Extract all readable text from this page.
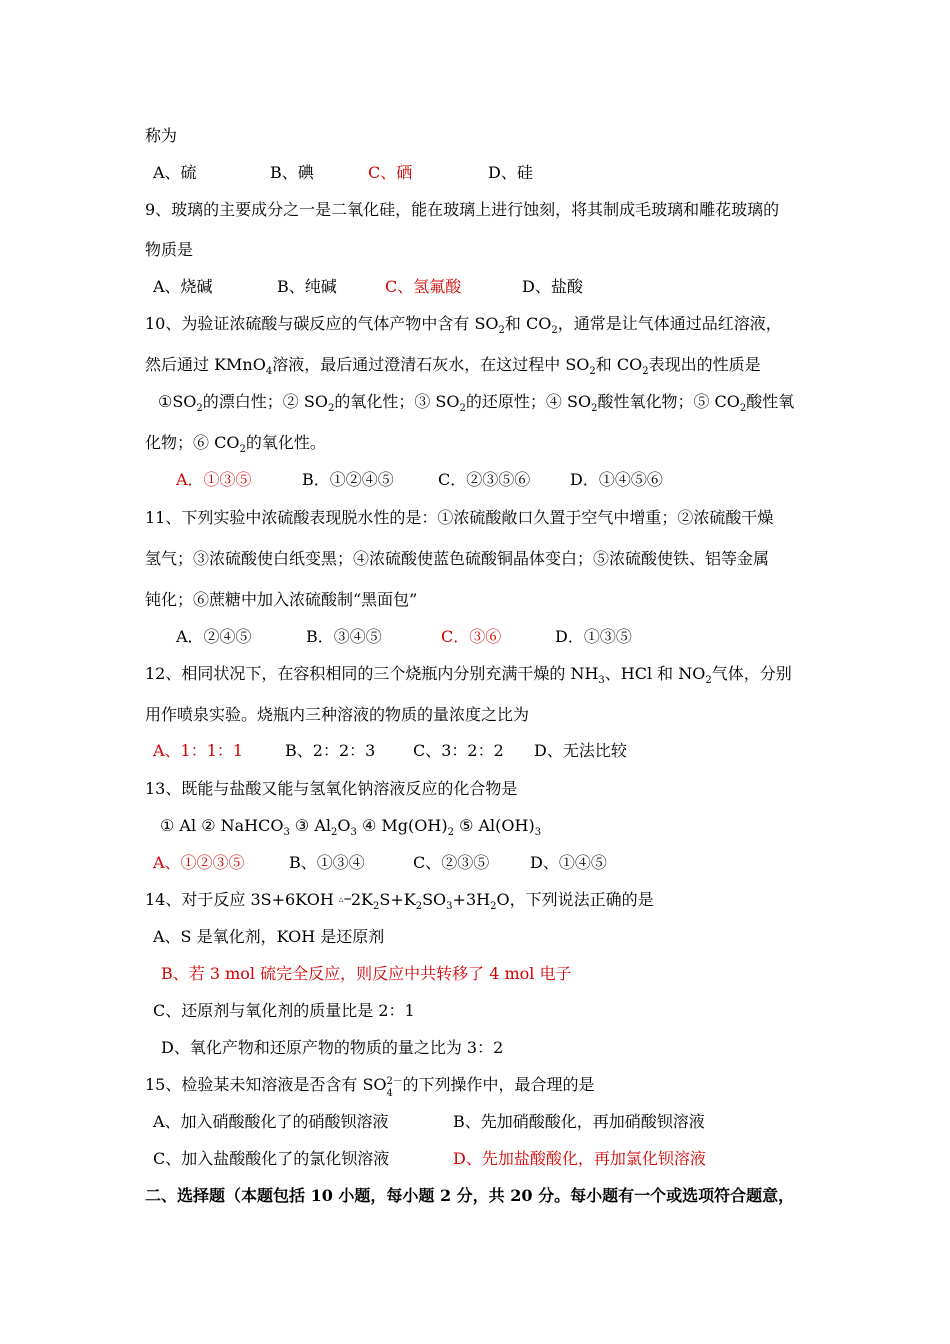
称为
A、硫	B、碘	C、硒	D、硅
9、玻璃的主要成分之一是二氧化硅，能在玻璃上进行蚀刻，将其制成毛玻璃和雕花玻璃的
物质是
A、烧碱	B、纯碱	C、氢氟酸	D、盐酸
10、为验证浓硫酸与碳反应的气体产物中含有 $SO_2$和 $CO_2$，通常是让气体通过品红溶液，
然后通过 KMnO$_4$溶液，最后通过澄清石灰水，在这过程中 $SO_2$和 $CO_2$表现出的性质是
$①SO_2$的漂白性；② $SO_2$的氧化性；③ $SO_2$的还原性；④ $SO_2$酸性氧化物；⑤ $CO_2$酸性氧
化物；⑥ $CO_2$的氧化性。
A．①③⑤	B．①②④⑤	C．②③⑤⑥ D．①④⑤⑥
11、下列实验中浓硫酸表现脱水性的是：①浓硫酸敞口久置于空气中增重；②浓硫酸干燥
氢气；③浓硫酸使白纸变黑；④浓硫酸使蓝色硫酸铜晶体变白；⑤浓硫酸使铁、铝等金属
钝化；⑥蔗糖中加入浓硫酸制“黑面包”
A．②④⑤	B．③④⑤	C．③⑥	D．①③⑤
12、相同状况下，在容积相同的三个烧瓶内分别充满干燥的 $NH_3$、HCl 和 $NO_2$气体，分别
用作喷泉实验。烧瓶内三种溶液的物质的量浓度之比为
A、1：1：1	B、2：2：3 C、3：2：2 D、无法比较
13、既能与盐酸又能与氢氧化钠溶液反应的化合物是
① Al ② NaHCO$_3$ ③ $Al_2O_3$ ④ $Mg(OH)_2$ ⑤ $Al(OH)_3$
A、①②③⑤	B、①③④	C、②③⑤	D、①④⑤
14、对于反应 3S+6KOH △ $══2K_2S+K_2SO_3+3H_2O$，下列说法正确的是
A、S 是氧化剂，KOH 是还原剂
B、若 3 mol 硫完全反应，则反应中共转移了 4 mol 电子
C、还原剂与氧化剂的质量比是 2：1
D、氧化产物和还原产物的物质的量之比为 3：2
15、检验某未知溶液是否含有 SO 2－
4 的下列操作中，最合理的是
A、加入硝酸酸化了的硝酸钡溶液	B、先加硝酸酸化，再加硝酸钡溶液
C、加入盐酸酸化了的氯化钡溶液	D、先加盐酸酸化，再加氯化钡溶液
二、选择题（本题包括 10 小题，每小题 2 分，共 20 分。每小题有一个或选项符合题意，
